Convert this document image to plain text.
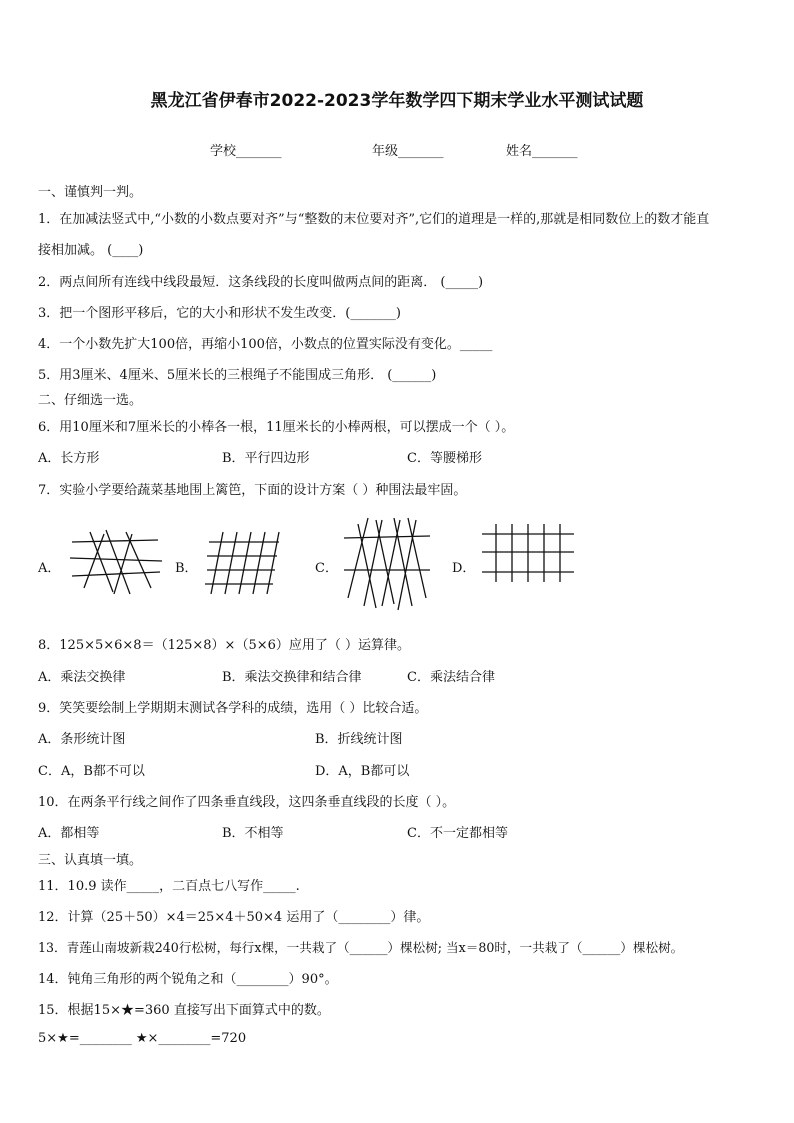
黑龙江省伊春市2022-2023学年数学四下期末学业水平测试试题
学校_______	年级_______	姓名_______
一、谨慎判一判。
1．在加减法竖式中,“小数的小数点要对齐”与“整数的末位要对齐”,它们的道理是一样的,那就是相同数位上的数才能直
接相加减。 (____)
2．两点间所有连线中线段最短．这条线段的长度叫做两点间的距离． (_____)
3．把一个图形平移后，它的大小和形状不发生改变．(_______)
4．一个小数先扩大100倍，再缩小100倍，小数点的位置实际没有变化。_____
5．用3厘米、4厘米、5厘米长的三根绳子不能围成三角形． (______)
二、仔细选一选。
6．用10厘米和7厘米长的小棒各一根，11厘米长的小棒两根，可以摆成一个（ ）。
A．长方形	B．平行四边形	C．等腰梯形
7．实验小学要给蔬菜基地围上篱笆，下面的设计方案（ ）种围法最牢固。
A．	B．	C．	D．
8．125×5×6×8＝（125×8）×（5×6）应用了（ ）运算律。
A．乘法交换律	B．乘法交换律和结合律	C．乘法结合律
9．笑笑要绘制上学期期末测试各学科的成绩，选用（ ）比较合适。
A．条形统计图	B．折线统计图
C．A，B都不可以	D．A，B都可以
10．在两条平行线之间作了四条垂直线段，这四条垂直线段的长度（ ）。
A．都相等	B．不相等	C．不一定都相等
三、认真填一填。
11．10.9 读作_____，二百点七八写作_____.
12．计算（25＋50）×4＝25×4＋50×4 运用了（________）律。
13．青莲山南坡新栽240行松树，每行x棵，一共栽了（______）棵松树; 当x＝80时，一共栽了（______）棵松树。
14．钝角三角形的两个锐角之和（________）90°。
15．根据15×★=360 直接写出下面算式中的数。
5×★=________ ★×________=720
